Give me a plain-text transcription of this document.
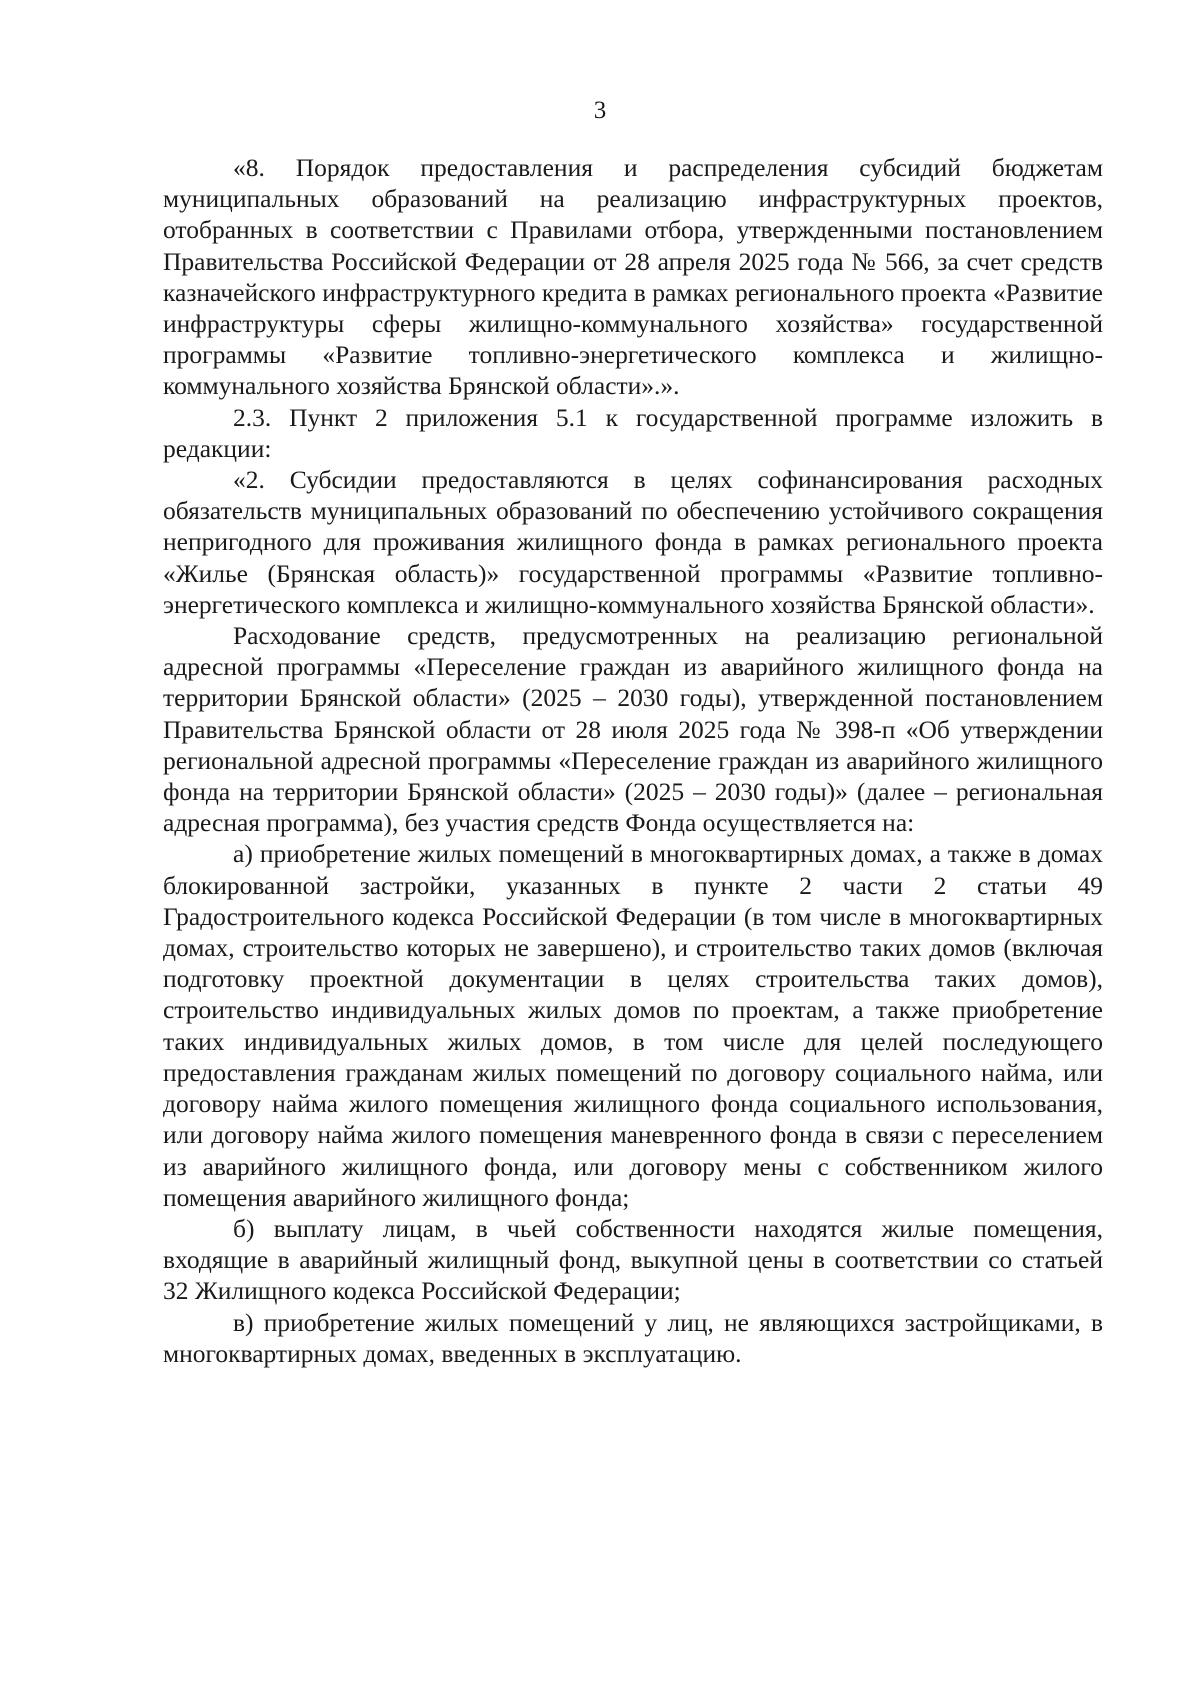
3

«8. Порядок предоставления и распределения субсидий бюджетам муниципальных образований на реализацию инфраструктурных проектов, отобранных в соответствии с Правилами отбора, утвержденными постановлением Правительства Российской Федерации от 28 апреля 2025 года № 566, за счет средств казначейского инфраструктурного кредита в рамках регионального проекта «Развитие инфраструктуры сферы жилищно-коммунального хозяйства» государственной программы «Развитие топливно-энергетического комплекса и жилищно-коммунального хозяйства Брянской области».».

2.3. Пункт 2 приложения 5.1 к государственной программе изложить в редакции:

«2. Субсидии предоставляются в целях софинансирования расходных обязательств муниципальных образований по обеспечению устойчивого сокращения непригодного для проживания жилищного фонда в рамках регионального проекта «Жилье (Брянская область)» государственной программы «Развитие топливно-энергетического комплекса и жилищно-коммунального хозяйства Брянской области».

Расходование средств, предусмотренных на реализацию региональной адресной программы «Переселение граждан из аварийного жилищного фонда на территории Брянской области» (2025 – 2030 годы), утвержденной постановлением Правительства Брянской области от 28 июля 2025 года № 398-п «Об утверждении региональной адресной программы «Переселение граждан из аварийного жилищного фонда на территории Брянской области» (2025 – 2030 годы)» (далее – региональная адресная программа), без участия средств Фонда осуществляется на:

а) приобретение жилых помещений в многоквартирных домах, а также в домах блокированной застройки, указанных в пункте 2 части 2 статьи 49 Градостроительного кодекса Российской Федерации (в том числе в многоквартирных домах, строительство которых не завершено), и строительство таких домов (включая подготовку проектной документации в целях строительства таких домов), строительство индивидуальных жилых домов по проектам, а также приобретение таких индивидуальных жилых домов, в том числе для целей последующего предоставления гражданам жилых помещений по договору социального найма, или договору найма жилого помещения жилищного фонда социального использования, или договору найма жилого помещения маневренного фонда в связи с переселением из аварийного жилищного фонда, или договору мены с собственником жилого помещения аварийного жилищного фонда;

б) выплату лицам, в чьей собственности находятся жилые помещения, входящие в аварийный жилищный фонд, выкупной цены в соответствии со статьей 32 Жилищного кодекса Российской Федерации;

в) приобретение жилых помещений у лиц, не являющихся застройщиками, в многоквартирных домах, введенных в эксплуатацию.
